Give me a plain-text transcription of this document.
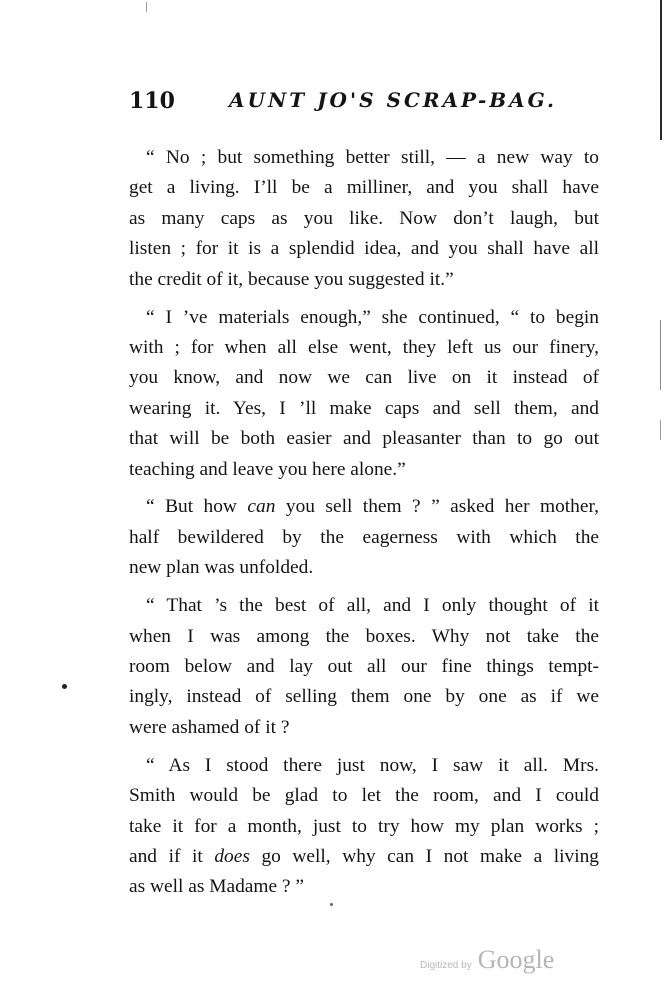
110	AUNT JO'S SCRAP-BAG.

“ No ; but something better still, — a new way to
get a living. I’ll be a milliner, and you shall have
as many caps as you like. Now don’t laugh, but
listen ; for it is a splendid idea, and you shall have all
the credit of it, because you suggested it.”

“ I ’ve materials enough,” she continued, “ to begin
with ; for when all else went, they left us our finery,
you know, and now we can live on it instead of
wearing it. Yes, I ’ll make caps and sell them, and
that will be both easier and pleasanter than to go out
teaching and leave you here alone.”

“ But how can you sell them ? ” asked her mother,
half bewildered by the eagerness with which the
new plan was unfolded.

“ That ’s the best of all, and I only thought of it
when I was among the boxes. Why not take the
room below and lay out all our fine things tempt-
ingly, instead of selling them one by one as if we
were ashamed of it ?

“ As I stood there just now, I saw it all. Mrs.
Smith would be glad to let the room, and I could
take it for a month, just to try how my plan works ;
and if it does go well, why can I not make a living
as well as Madame ? ”

Digitized by Google
